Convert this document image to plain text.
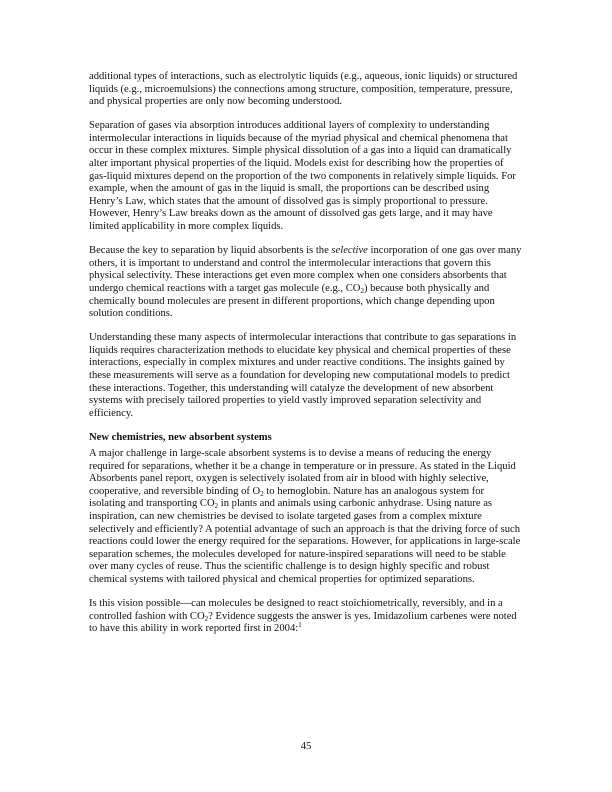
additional types of interactions, such as electrolytic liquids (e.g., aqueous, ionic liquids) or structured liquids (e.g., microemulsions) the connections among structure, composition, temperature, pressure, and physical properties are only now becoming understood.

Separation of gases via absorption introduces additional layers of complexity to understanding intermolecular interactions in liquids because of the myriad physical and chemical phenomena that occur in these complex mixtures. Simple physical dissolution of a gas into a liquid can dramatically alter important physical properties of the liquid. Models exist for describing how the properties of gas-liquid mixtures depend on the proportion of the two components in relatively simple liquids. For example, when the amount of gas in the liquid is small, the proportions can be described using Henry’s Law, which states that the amount of dissolved gas is simply proportional to pressure. However, Henry’s Law breaks down as the amount of dissolved gas gets large, and it may have limited applicability in more complex liquids.

Because the key to separation by liquid absorbents is the selective incorporation of one gas over many others, it is important to understand and control the intermolecular interactions that govern this physical selectivity. These interactions get even more complex when one considers absorbents that undergo chemical reactions with a target gas molecule (e.g., $CO_2$) because both physically and chemically bound molecules are present in different proportions, which change depending upon solution conditions.

Understanding these many aspects of intermolecular interactions that contribute to gas separations in liquids requires characterization methods to elucidate key physical and chemical properties of these interactions, especially in complex mixtures and under reactive conditions. The insights gained by these measurements will serve as a foundation for developing new computational models to predict these interactions. Together, this understanding will catalyze the development of new absorbent systems with precisely tailored properties to yield vastly improved separation selectivity and efficiency.

New chemistries, new absorbent systems

A major challenge in large-scale absorbent systems is to devise a means of reducing the energy required for separations, whether it be a change in temperature or in pressure. As stated in the Liquid Absorbents panel report, oxygen is selectively isolated from air in blood with highly selective, cooperative, and reversible binding of $O_2$ to hemoglobin. Nature has an analogous system for isolating and transporting $CO_2$ in plants and animals using carbonic anhydrase. Using nature as inspiration, can new chemistries be devised to isolate targeted gases from a complex mixture selectively and efficiently? A potential advantage of such an approach is that the driving force of such reactions could lower the energy required for the separations. However, for applications in large-scale separation schemes, the molecules developed for nature-inspired separations will need to be stable over many cycles of reuse. Thus the scientific challenge is to design highly specific and robust chemical systems with tailored physical and chemical properties for optimized separations.

Is this vision possible—can molecules be designed to react stoichiometrically, reversibly, and in a controlled fashion with $CO_2$? Evidence suggests the answer is yes. Imidazolium carbenes were noted to have this ability in work reported first in 2004:$^1$

45
